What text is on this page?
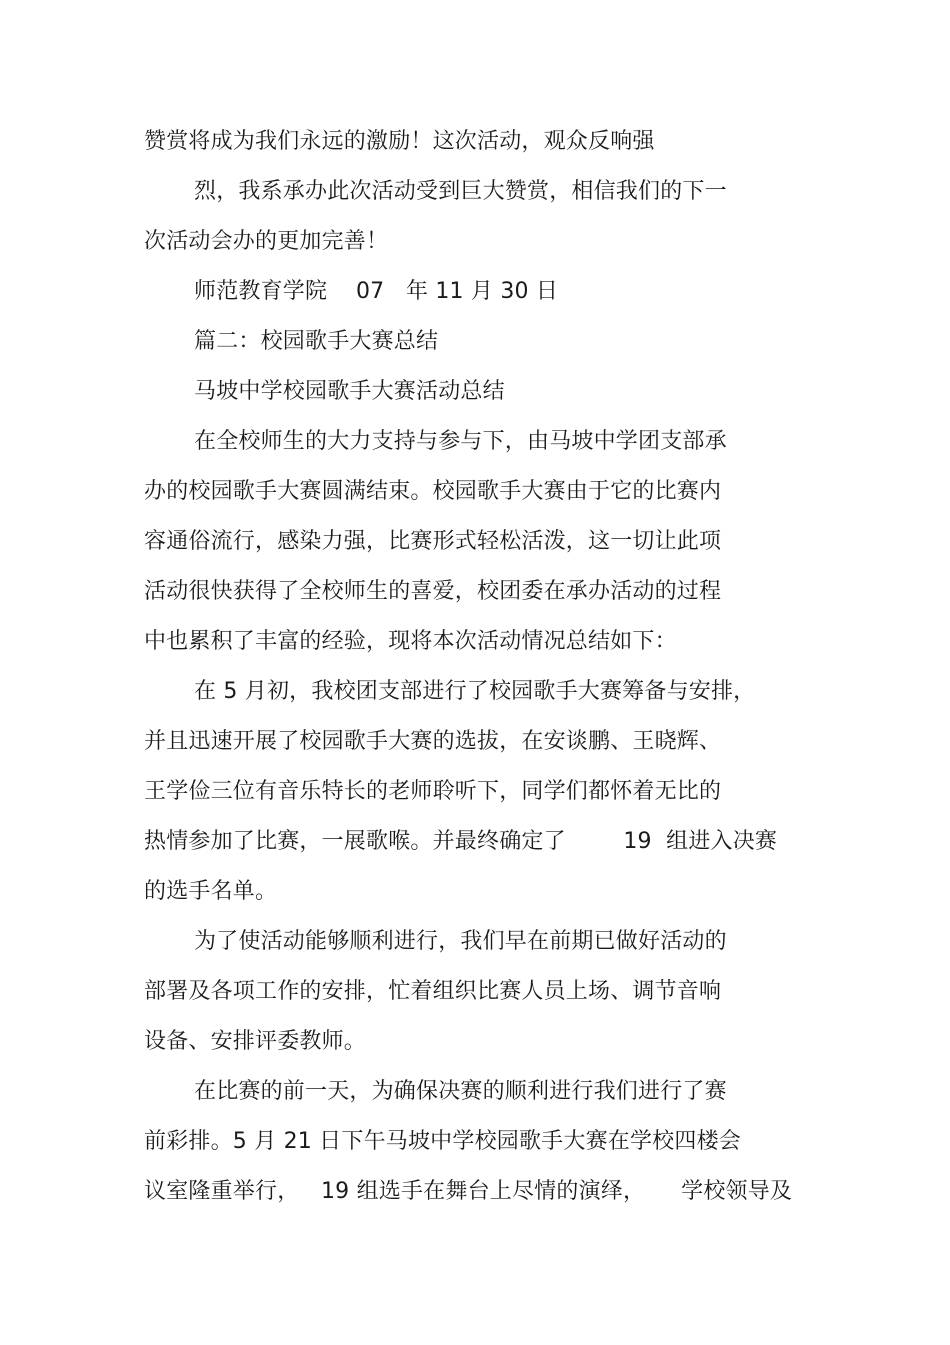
赞赏将成为我们永远的激励！这次活动，观众反响强
烈，我系承办此次活动受到巨大赞赏，相信我们的下一
次活动会办的更加完善！
师范教育学院    07   年 11 月 30 日
篇二：校园歌手大赛总结
马坡中学校园歌手大赛活动总结
在全校师生的大力支持与参与下，由马坡中学团支部承
办的校园歌手大赛圆满结束。校园歌手大赛由于它的比赛内
容通俗流行，感染力强，比赛形式轻松活泼，这一切让此项
活动很快获得了全校师生的喜爱，校团委在承办活动的过程
中也累积了丰富的经验，现将本次活动情况总结如下：
在 5 月初，我校团支部进行了校园歌手大赛筹备与安排，
并且迅速开展了校园歌手大赛的选拔，在安谈鹏、王晓辉、
王学俭三位有音乐特长的老师聆听下，同学们都怀着无比的
热情参加了比赛，一展歌喉。并最终确定了        19  组进入决赛
的选手名单。
为了使活动能够顺利进行，我们早在前期已做好活动的
部署及各项工作的安排，忙着组织比赛人员上场、调节音响
设备、安排评委教师。
在比赛的前一天，为确保决赛的顺利进行我们进行了赛
前彩排。5 月 21 日下午马坡中学校园歌手大赛在学校四楼会
议室隆重举行，   19 组选手在舞台上尽情的演绎，     学校领导及
